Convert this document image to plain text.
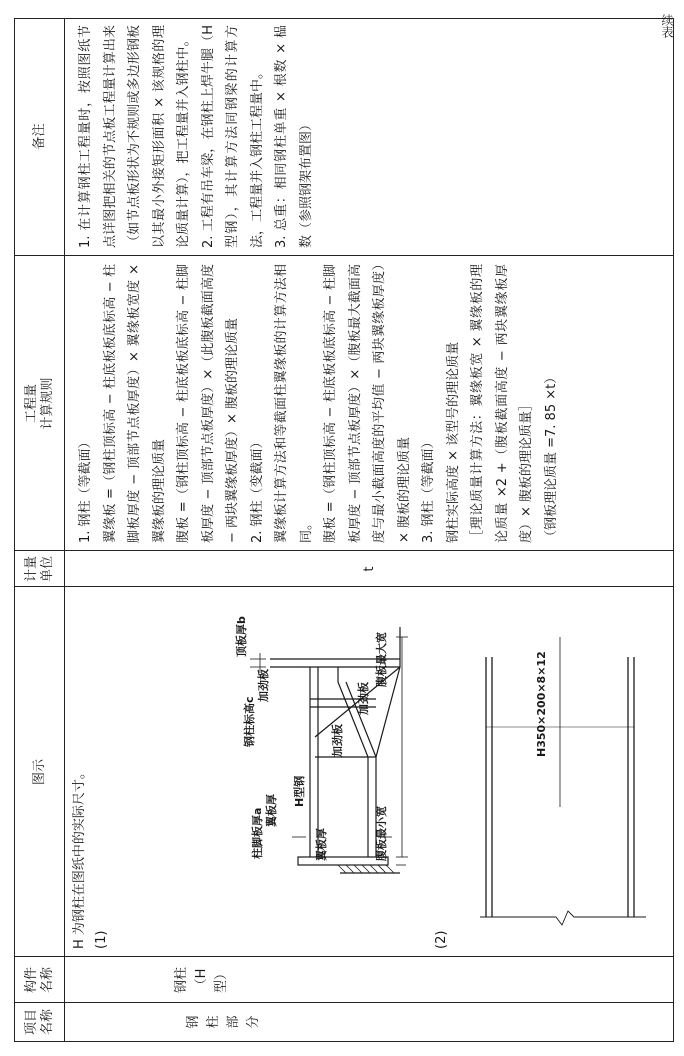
续表
项目 名称
构件 名称
图示
计量 单位
工程量 计算规则
备注
钢 柱 部 分
钢柱 （H 型）
H 为钢柱在图纸中的实际尺寸。 (1)
加劲板
加劲板
加劲板	腹板最大宽
腹板最小宽
翼板厚
翼板厚
顶板厚b
H型钢
钢柱标高c
柱脚板厚a
(2)
H350×200×8×12
t

1. 钢柱（等截面） 翼缘板 =（钢柱顶标高 − 柱底板板底标高 − 柱脚板厚度 − 顶部节点板厚度）× 翼缘板宽度 × 翼缘板的理论质量 腹板 =（钢柱顶标高 − 柱底板板底标高 − 柱脚板厚度 − 顶部节点板厚度）×（此腹板截面高度 − 两块翼缘板厚度）× 腹板的理论质量 2. 钢柱（变截面） 翼缘板计算方法和等截面柱翼缘板的计算方法相同。 腹板 =（钢柱顶标高 − 柱底板板底标高 − 柱脚板厚度 − 顶部节点板厚度）×（腹板最大截面高度与最小截面高度的平均值 − 两块翼缘板厚度）× 腹板的理论质量 3. 钢柱（等截面） 钢柱实际高度 × 该型号的理论质量 ［理论质量计算方法：翼缘板宽 × 翼缘板的理论质量 ×2 +（腹板截面高度 − 两块翼缘板厚度）× 腹板的理论质量］ （钢板理论质量 =7. 85 ×t）

1. 在计算钢柱工程量时，按照图纸节点详图把相关的节点板工程量计算出来（如节点板形状为不规则或多边形钢板以其最小外接矩形面积 × 该规格的理论质量计算），把工程量并入钢柱中。 2. 工程有吊车梁，在钢柱上焊牛腿（H 型钢），其计算方法同钢梁的计算方法，工程量并入钢柱工程量中。 3. 总重：相同钢柱单重 × 根数 × 榀数（参照钢架布置图）
